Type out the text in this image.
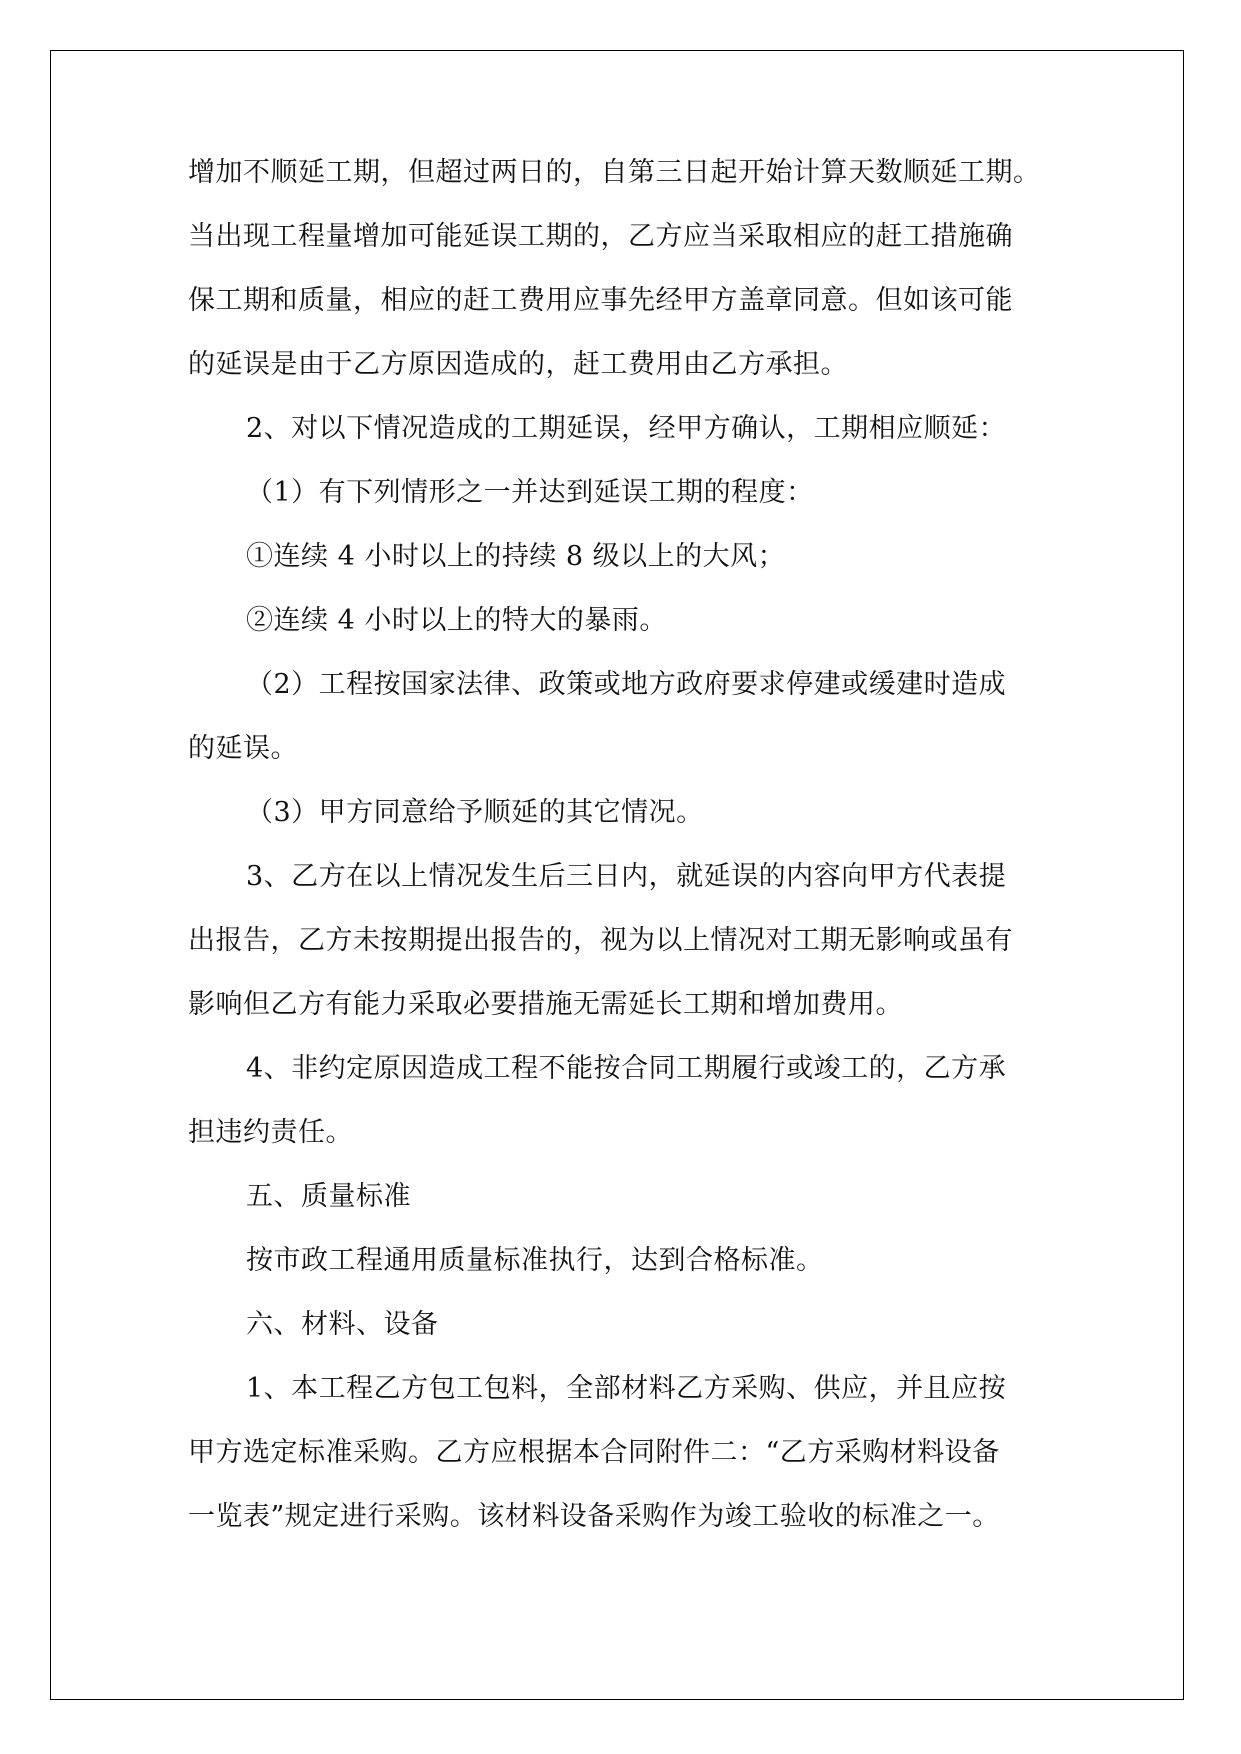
增加不顺延工期，但超过两日的，自第三日起开始计算天数顺延工期。
当出现工程量增加可能延误工期的，乙方应当采取相应的赶工措施确
保工期和质量，相应的赶工费用应事先经甲方盖章同意。但如该可能
的延误是由于乙方原因造成的，赶工费用由乙方承担。
2、对以下情况造成的工期延误，经甲方确认，工期相应顺延：
（1）有下列情形之一并达到延误工期的程度：
①连续 4 小时以上的持续 8 级以上的大风；
②连续 4 小时以上的特大的暴雨。
（2）工程按国家法律、政策或地方政府要求停建或缓建时造成
的延误。
（3）甲方同意给予顺延的其它情况。
3、乙方在以上情况发生后三日内，就延误的内容向甲方代表提
出报告，乙方未按期提出报告的，视为以上情况对工期无影响或虽有
影响但乙方有能力采取必要措施无需延长工期和增加费用。
4、非约定原因造成工程不能按合同工期履行或竣工的，乙方承
担违约责任。
五、质量标准
按市政工程通用质量标准执行，达到合格标准。
六、材料、设备
1、本工程乙方包工包料，全部材料乙方采购、供应，并且应按
甲方选定标准采购。乙方应根据本合同附件二：“乙方采购材料设备
一览表”规定进行采购。该材料设备采购作为竣工验收的标准之一。
